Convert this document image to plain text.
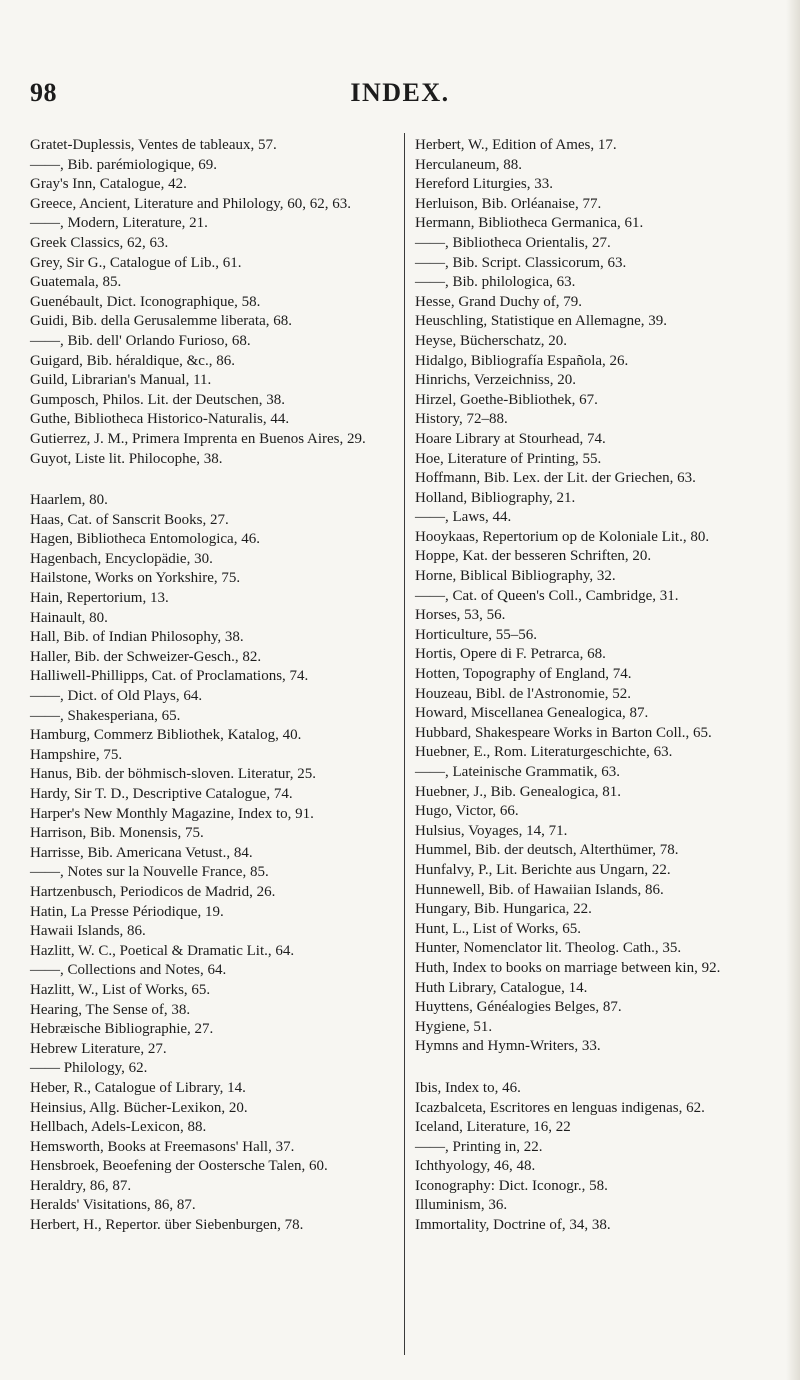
98	INDEX.
Gratet-Duplessis, Ventes de tableaux, 57.
——, Bib. parémiologique, 69.
Gray's Inn, Catalogue, 42.
Greece, Ancient, Literature and Philology, 60, 62, 63.
——, Modern, Literature, 21.
Greek Classics, 62, 63.
Grey, Sir G., Catalogue of Lib., 61.
Guatemala, 85.
Guenébault, Dict. Iconographique, 58.
Guidi, Bib. della Gerusalemme liberata, 68.
——, Bib. dell' Orlando Furioso, 68.
Guigard, Bib. héraldique, &c., 86.
Guild, Librarian's Manual, 11.
Gumposch, Philos. Lit. der Deutschen, 38.
Guthe, Bibliotheca Historico-Naturalis, 44.
Gutierrez, J. M., Primera Imprenta en Buenos Aires, 29.
Guyot, Liste lit. Philocophe, 38.
Haarlem, 80.
Haas, Cat. of Sanscrit Books, 27.
Hagen, Bibliotheca Entomologica, 46.
Hagenbach, Encyclopädie, 30.
Hailstone, Works on Yorkshire, 75.
Hain, Repertorium, 13.
Hainault, 80.
Hall, Bib. of Indian Philosophy, 38.
Haller, Bib. der Schweizer-Gesch., 82.
Halliwell-Phillipps, Cat. of Proclamations, 74.
——, Dict. of Old Plays, 64.
——, Shakesperiana, 65.
Hamburg, Commerz Bibliothek, Katalog, 40.
Hampshire, 75.
Hanus, Bib. der böhmisch-sloven. Literatur, 25.
Hardy, Sir T. D., Descriptive Catalogue, 74.
Harper's New Monthly Magazine, Index to, 91.
Harrison, Bib. Monensis, 75.
Harrisse, Bib. Americana Vetust., 84.
——, Notes sur la Nouvelle France, 85.
Hartzenbusch, Periodicos de Madrid, 26.
Hatin, La Presse Périodique, 19.
Hawaii Islands, 86.
Hazlitt, W. C., Poetical & Dramatic Lit., 64.
——, Collections and Notes, 64.
Hazlitt, W., List of Works, 65.
Hearing, The Sense of, 38.
Hebræische Bibliographie, 27.
Hebrew Literature, 27.
—— Philology, 62.
Heber, R., Catalogue of Library, 14.
Heinsius, Allg. Bücher-Lexikon, 20.
Hellbach, Adels-Lexicon, 88.
Hemsworth, Books at Freemasons' Hall, 37.
Hensbroek, Beoefening der Oostersche Talen, 60.
Heraldry, 86, 87.
Heralds' Visitations, 86, 87.
Herbert, H., Repertor. über Siebenburgen, 78.
Herbert, W., Edition of Ames, 17.
Herculaneum, 88.
Hereford Liturgies, 33.
Herluison, Bib. Orléanaise, 77.
Hermann, Bibliotheca Germanica, 61.
——, Bibliotheca Orientalis, 27.
——, Bib. Script. Classicorum, 63.
——, Bib. philologica, 63.
Hesse, Grand Duchy of, 79.
Heuschling, Statistique en Allemagne, 39.
Heyse, Bücherschatz, 20.
Hidalgo, Bibliografía Española, 26.
Hinrichs, Verzeichniss, 20.
Hirzel, Goethe-Bibliothek, 67.
History, 72–88.
Hoare Library at Stourhead, 74.
Hoe, Literature of Printing, 55.
Hoffmann, Bib. Lex. der Lit. der Griechen, 63.
Holland, Bibliography, 21.
——, Laws, 44.
Hooykaas, Repertorium op de Koloniale Lit., 80.
Hoppe, Kat. der besseren Schriften, 20.
Horne, Biblical Bibliography, 32.
——, Cat. of Queen's Coll., Cambridge, 31.
Horses, 53, 56.
Horticulture, 55–56.
Hortis, Opere di F. Petrarca, 68.
Hotten, Topography of England, 74.
Houzeau, Bibl. de l'Astronomie, 52.
Howard, Miscellanea Genealogica, 87.
Hubbard, Shakespeare Works in Barton Coll., 65.
Huebner, E., Rom. Literaturgeschichte, 63.
——, Lateinische Grammatik, 63.
Huebner, J., Bib. Genealogica, 81.
Hugo, Victor, 66.
Hulsius, Voyages, 14, 71.
Hummel, Bib. der deutsch, Alterthümer, 78.
Hunfalvy, P., Lit. Berichte aus Ungarn, 22.
Hunnewell, Bib. of Hawaiian Islands, 86.
Hungary, Bib. Hungarica, 22.
Hunt, L., List of Works, 65.
Hunter, Nomenclator lit. Theolog. Cath., 35.
Huth, Index to books on marriage between kin, 92.
Huth Library, Catalogue, 14.
Huyttens, Généalogies Belges, 87.
Hygiene, 51.
Hymns and Hymn-Writers, 33.
Ibis, Index to, 46.
Icazbalceta, Escritores en lenguas indigenas, 62.
Iceland, Literature, 16, 22
——, Printing in, 22.
Ichthyology, 46, 48.
Iconography: Dict. Iconogr., 58.
Illuminism, 36.
Immortality, Doctrine of, 34, 38.
